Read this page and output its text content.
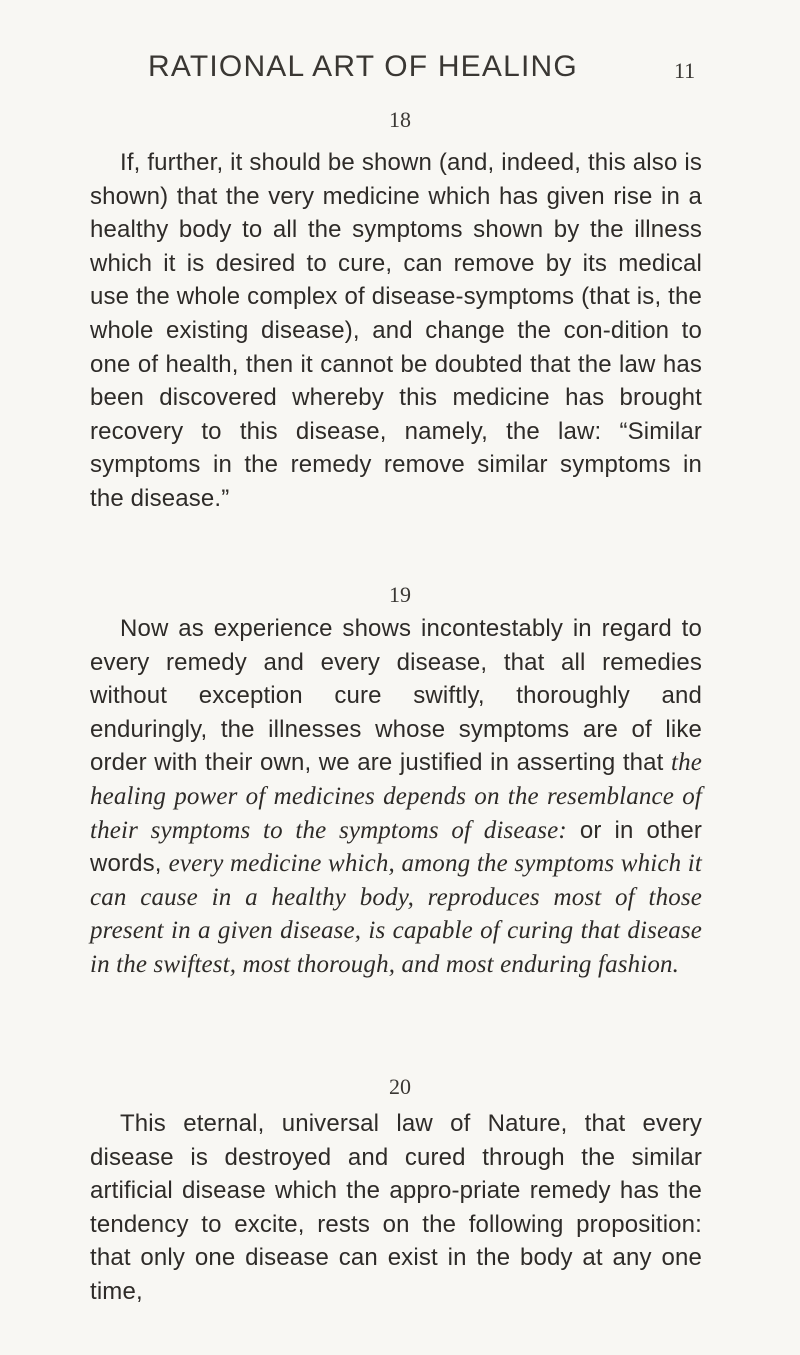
RATIONAL ART OF HEALING	11
18

If, further, it should be shown (and, indeed, this also is shown) that the very medicine which has given rise in a healthy body to all the symptoms shown by the illness which it is desired to cure, can remove by its medical use the whole complex of disease-symptoms (that is, the whole existing disease), and change the con-dition to one of health, then it cannot be doubted that the law has been discovered whereby this medicine has brought recovery to this disease, namely, the law: “Similar symptoms in the remedy remove similar symptoms in the disease.”

19

Now as experience shows incontestably in regard to every remedy and every disease, that all remedies without exception cure swiftly, thoroughly and enduringly, the illnesses whose symptoms are of like order with their own, we are justified in asserting that the healing power of medicines depends on the resemblance of their symptoms to the symptoms of disease: or in other words, every medicine which, among the symptoms which it can cause in a healthy body, reproduces most of those present in a given disease, is capable of curing that disease in the swiftest, most thorough, and most enduring fashion.

20

This eternal, universal law of Nature, that every disease is destroyed and cured through the similar artificial disease which the appro-priate remedy has the tendency to excite, rests on the following proposition: that only one disease can exist in the body at any one time,
